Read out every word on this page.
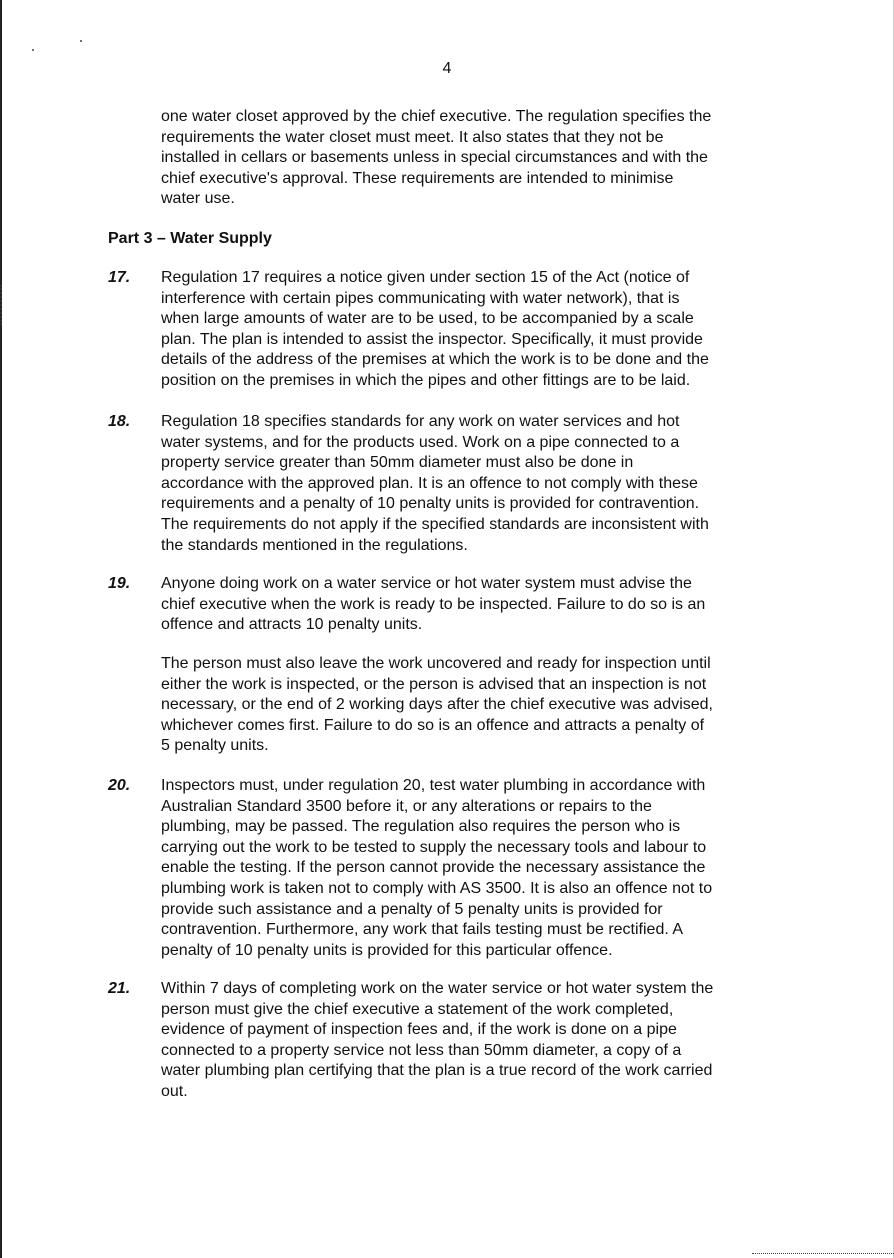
4
one water closet approved by the chief executive. The regulation specifies the
requirements the water closet must meet. It also states that they not be
installed in cellars or basements unless in special circumstances and with the
chief executive's approval. These requirements are intended to minimise
water use.
Part 3 – Water Supply
17. Regulation 17 requires a notice given under section 15 of the Act (notice of
interference with certain pipes communicating with water network), that is
when large amounts of water are to be used, to be accompanied by a scale
plan. The plan is intended to assist the inspector. Specifically, it must provide
details of the address of the premises at which the work is to be done and the
position on the premises in which the pipes and other fittings are to be laid.
18. Regulation 18 specifies standards for any work on water services and hot
water systems, and for the products used. Work on a pipe connected to a
property service greater than 50mm diameter must also be done in
accordance with the approved plan. It is an offence to not comply with these
requirements and a penalty of 10 penalty units is provided for contravention.
The requirements do not apply if the specified standards are inconsistent with
the standards mentioned in the regulations.
19. Anyone doing work on a water service or hot water system must advise the
chief executive when the work is ready to be inspected. Failure to do so is an
offence and attracts 10 penalty units.
The person must also leave the work uncovered and ready for inspection until
either the work is inspected, or the person is advised that an inspection is not
necessary, or the end of 2 working days after the chief executive was advised,
whichever comes first. Failure to do so is an offence and attracts a penalty of
5 penalty units.
20. Inspectors must, under regulation 20, test water plumbing in accordance with
Australian Standard 3500 before it, or any alterations or repairs to the
plumbing, may be passed. The regulation also requires the person who is
carrying out the work to be tested to supply the necessary tools and labour to
enable the testing. If the person cannot provide the necessary assistance the
plumbing work is taken not to comply with AS 3500. It is also an offence not to
provide such assistance and a penalty of 5 penalty units is provided for
contravention. Furthermore, any work that fails testing must be rectified. A
penalty of 10 penalty units is provided for this particular offence.
21. Within 7 days of completing work on the water service or hot water system the
person must give the chief executive a statement of the work completed,
evidence of payment of inspection fees and, if the work is done on a pipe
connected to a property service not less than 50mm diameter, a copy of a
water plumbing plan certifying that the plan is a true record of the work carried
out.
